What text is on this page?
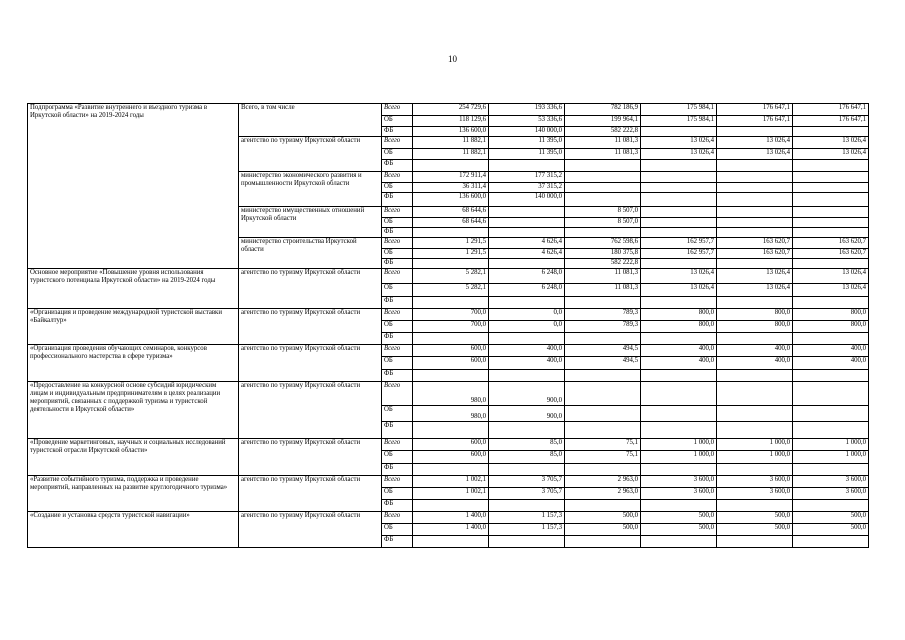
10
Подпрограмма «Развитие внутреннего и въездного туризма в Иркутской области» на 2019-2024 годы	Всего, в том числе	Всего	254 729,6	193 336,6	782 186,9	175 984,1	176 647,1	176 647,1
		ОБ	118 129,6	53 336,6	199 964,1	175 984,1	176 647,1	176 647,1
		ФБ	136 600,0	140 000,0	582 222,8			
	агентство по туризму Иркутской области	Всего	11 882,1	11 395,0	11 081,3	13 026,4	13 026,4	13 026,4
		ОБ	11 882,1	11 395,0	11 081,3	13 026,4	13 026,4	13 026,4
		ФБ						
	министерство экономического развития и промышленности Иркутской области	Всего	172 911,4	177 315,2				
		ОБ	36 311,4	37 315,2				
		ФБ	136 600,0	140 000,0				
	министерство имущественных отношений Иркутской области	Всего	68 644,6		8 507,0			
		ОБ	68 644,6		8 507,0			
		ФБ						
	министерство строительства Иркутской области	Всего	1 291,5	4 626,4	762 598,6	162 957,7	163 620,7	163 620,7
		ОБ	1 291,5	4 626,4	180 375,8	162 957,7	163 620,7	163 620,7
		ФБ			582 222,8			
Основное мероприятие «Повышение уровня использования туристского потенциала Иркутской области» на 2019-2024 годы	агентство по туризму Иркутской области	Всего	5 282,1	6 248,0	11 081,3	13 026,4	13 026,4	13 026,4
		ОБ	5 282,1	6 248,0	11 081,3	13 026,4	13 026,4	13 026,4
		ФБ						
«Организация и проведение международной туристской выставки «Байкалтур»	агентство по туризму Иркутской области	Всего	700,0	0,0	789,3	800,0	800,0	800,0
		ОБ	700,0	0,0	789,3	800,0	800,0	800,0
		ФБ						
«Организация проведения обучающих семинаров, конкурсов профессионального мастерства в сфере туризма»	агентство по туризму Иркутской области	Всего	600,0	400,0	494,5	400,0	400,0	400,0
		ОБ	600,0	400,0	494,5	400,0	400,0	400,0
		ФБ						
«Предоставление на конкурсной основе субсидий юридическим лицам и индивидуальным предпринимателям в целях реализации мероприятий, связанных с поддержкой туризма и туристской деятельности в Иркутской области»	агентство по туризму Иркутской области	Всего	980,0	900,0				
		ОБ	980,0	900,0				
		ФБ						
«Проведение маркетинговых, научных и социальных исследований туристской отрасли Иркутской области»	агентство по туризму Иркутской области	Всего	600,0	85,0	75,1	1 000,0	1 000,0	1 000,0
		ОБ	600,0	85,0	75,1	1 000,0	1 000,0	1 000,0
		ФБ						
«Развитие событийного туризма, поддержка и проведение мероприятий, направленных на развитие круглогодичного туризма»	агентство по туризму Иркутской области	Всего	1 002,1	3 705,7	2 963,0	3 600,0	3 600,0	3 600,0
		ОБ	1 002,1	3 705,7	2 963,0	3 600,0	3 600,0	3 600,0
		ФБ						
«Создание и установка средств туристской навигации»	агентство по туризму Иркутской области	Всего	1 400,0	1 157,3	500,0	500,0	500,0	500,0
		ОБ	1 400,0	1 157,3	500,0	500,0	500,0	500,0
		ФБ						
